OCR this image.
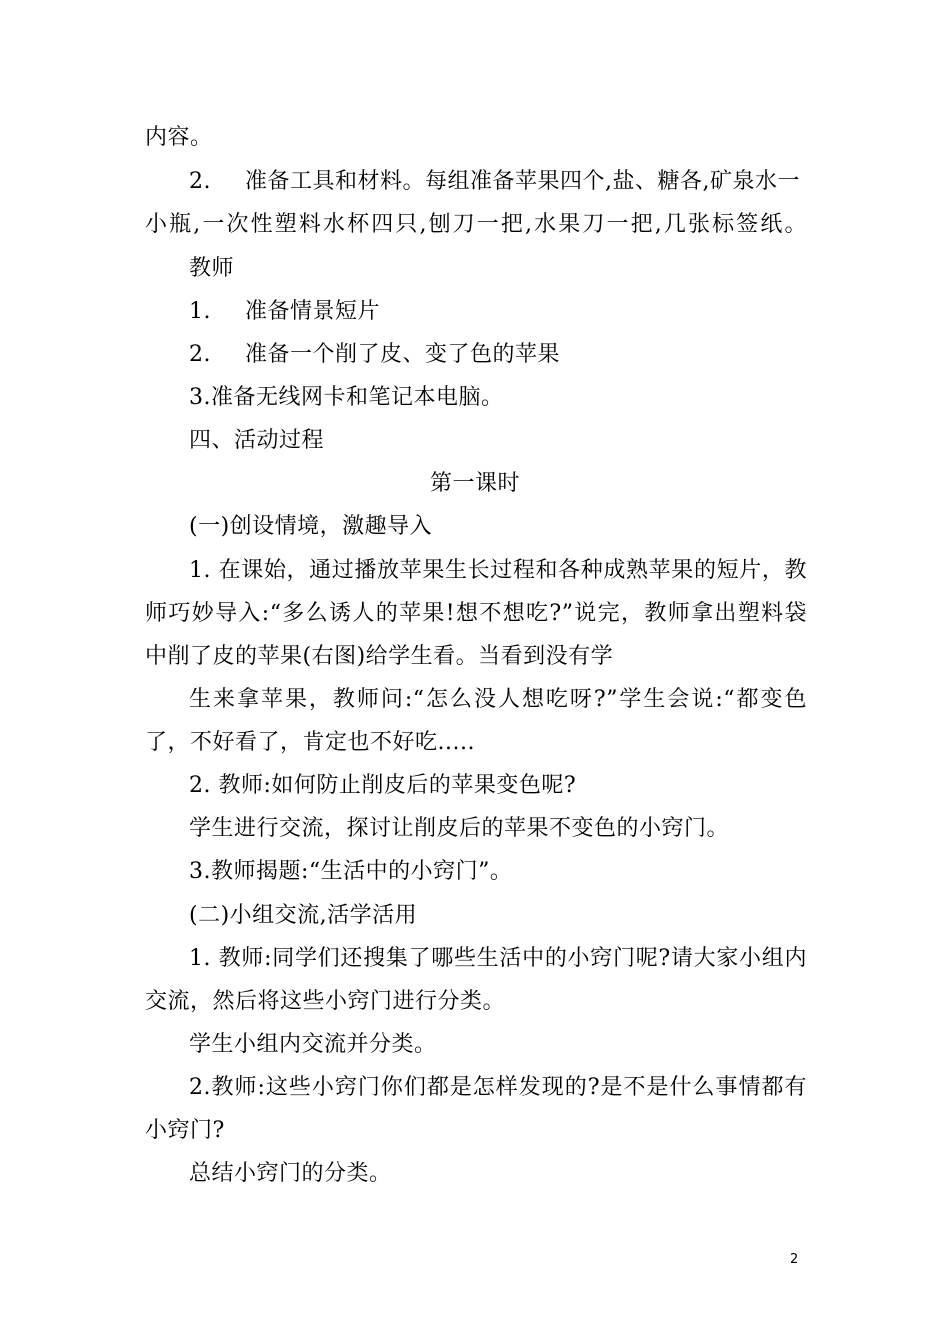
内容。
2. 准备工具和材料。每组准备苹果四个,盐、糖各,矿泉水一
小瓶,一次性塑料水杯四只,刨刀一把,水果刀一把,几张标签纸。
教师
1. 准备情景短片
2. 准备一个削了皮、变了色的苹果
3.准备无线网卡和笔记本电脑。
四、活动过程
第一课时
(一)创设情境，激趣导入
1. 在课始，通过播放苹果生长过程和各种成熟苹果的短片，教
师巧妙导入:“多么诱人的苹果!想不想吃?”说完，教师拿出塑料袋
中削了皮的苹果(右图)给学生看。当看到没有学
生来拿苹果，教师问:“怎么没人想吃呀?”学生会说:“都变色
了，不好看了，肯定也不好吃.....
2. 教师:如何防止削皮后的苹果变色呢?
学生进行交流，探讨让削皮后的苹果不变色的小窍门。
3.教师揭题:“生活中的小窍门”。
(二)小组交流,活学活用
1. 教师:同学们还搜集了哪些生活中的小窍门呢?请大家小组内
交流，然后将这些小窍门进行分类。
学生小组内交流并分类。
2.教师:这些小窍门你们都是怎样发现的?是不是什么事情都有
小窍门?
总结小窍门的分类。
2
